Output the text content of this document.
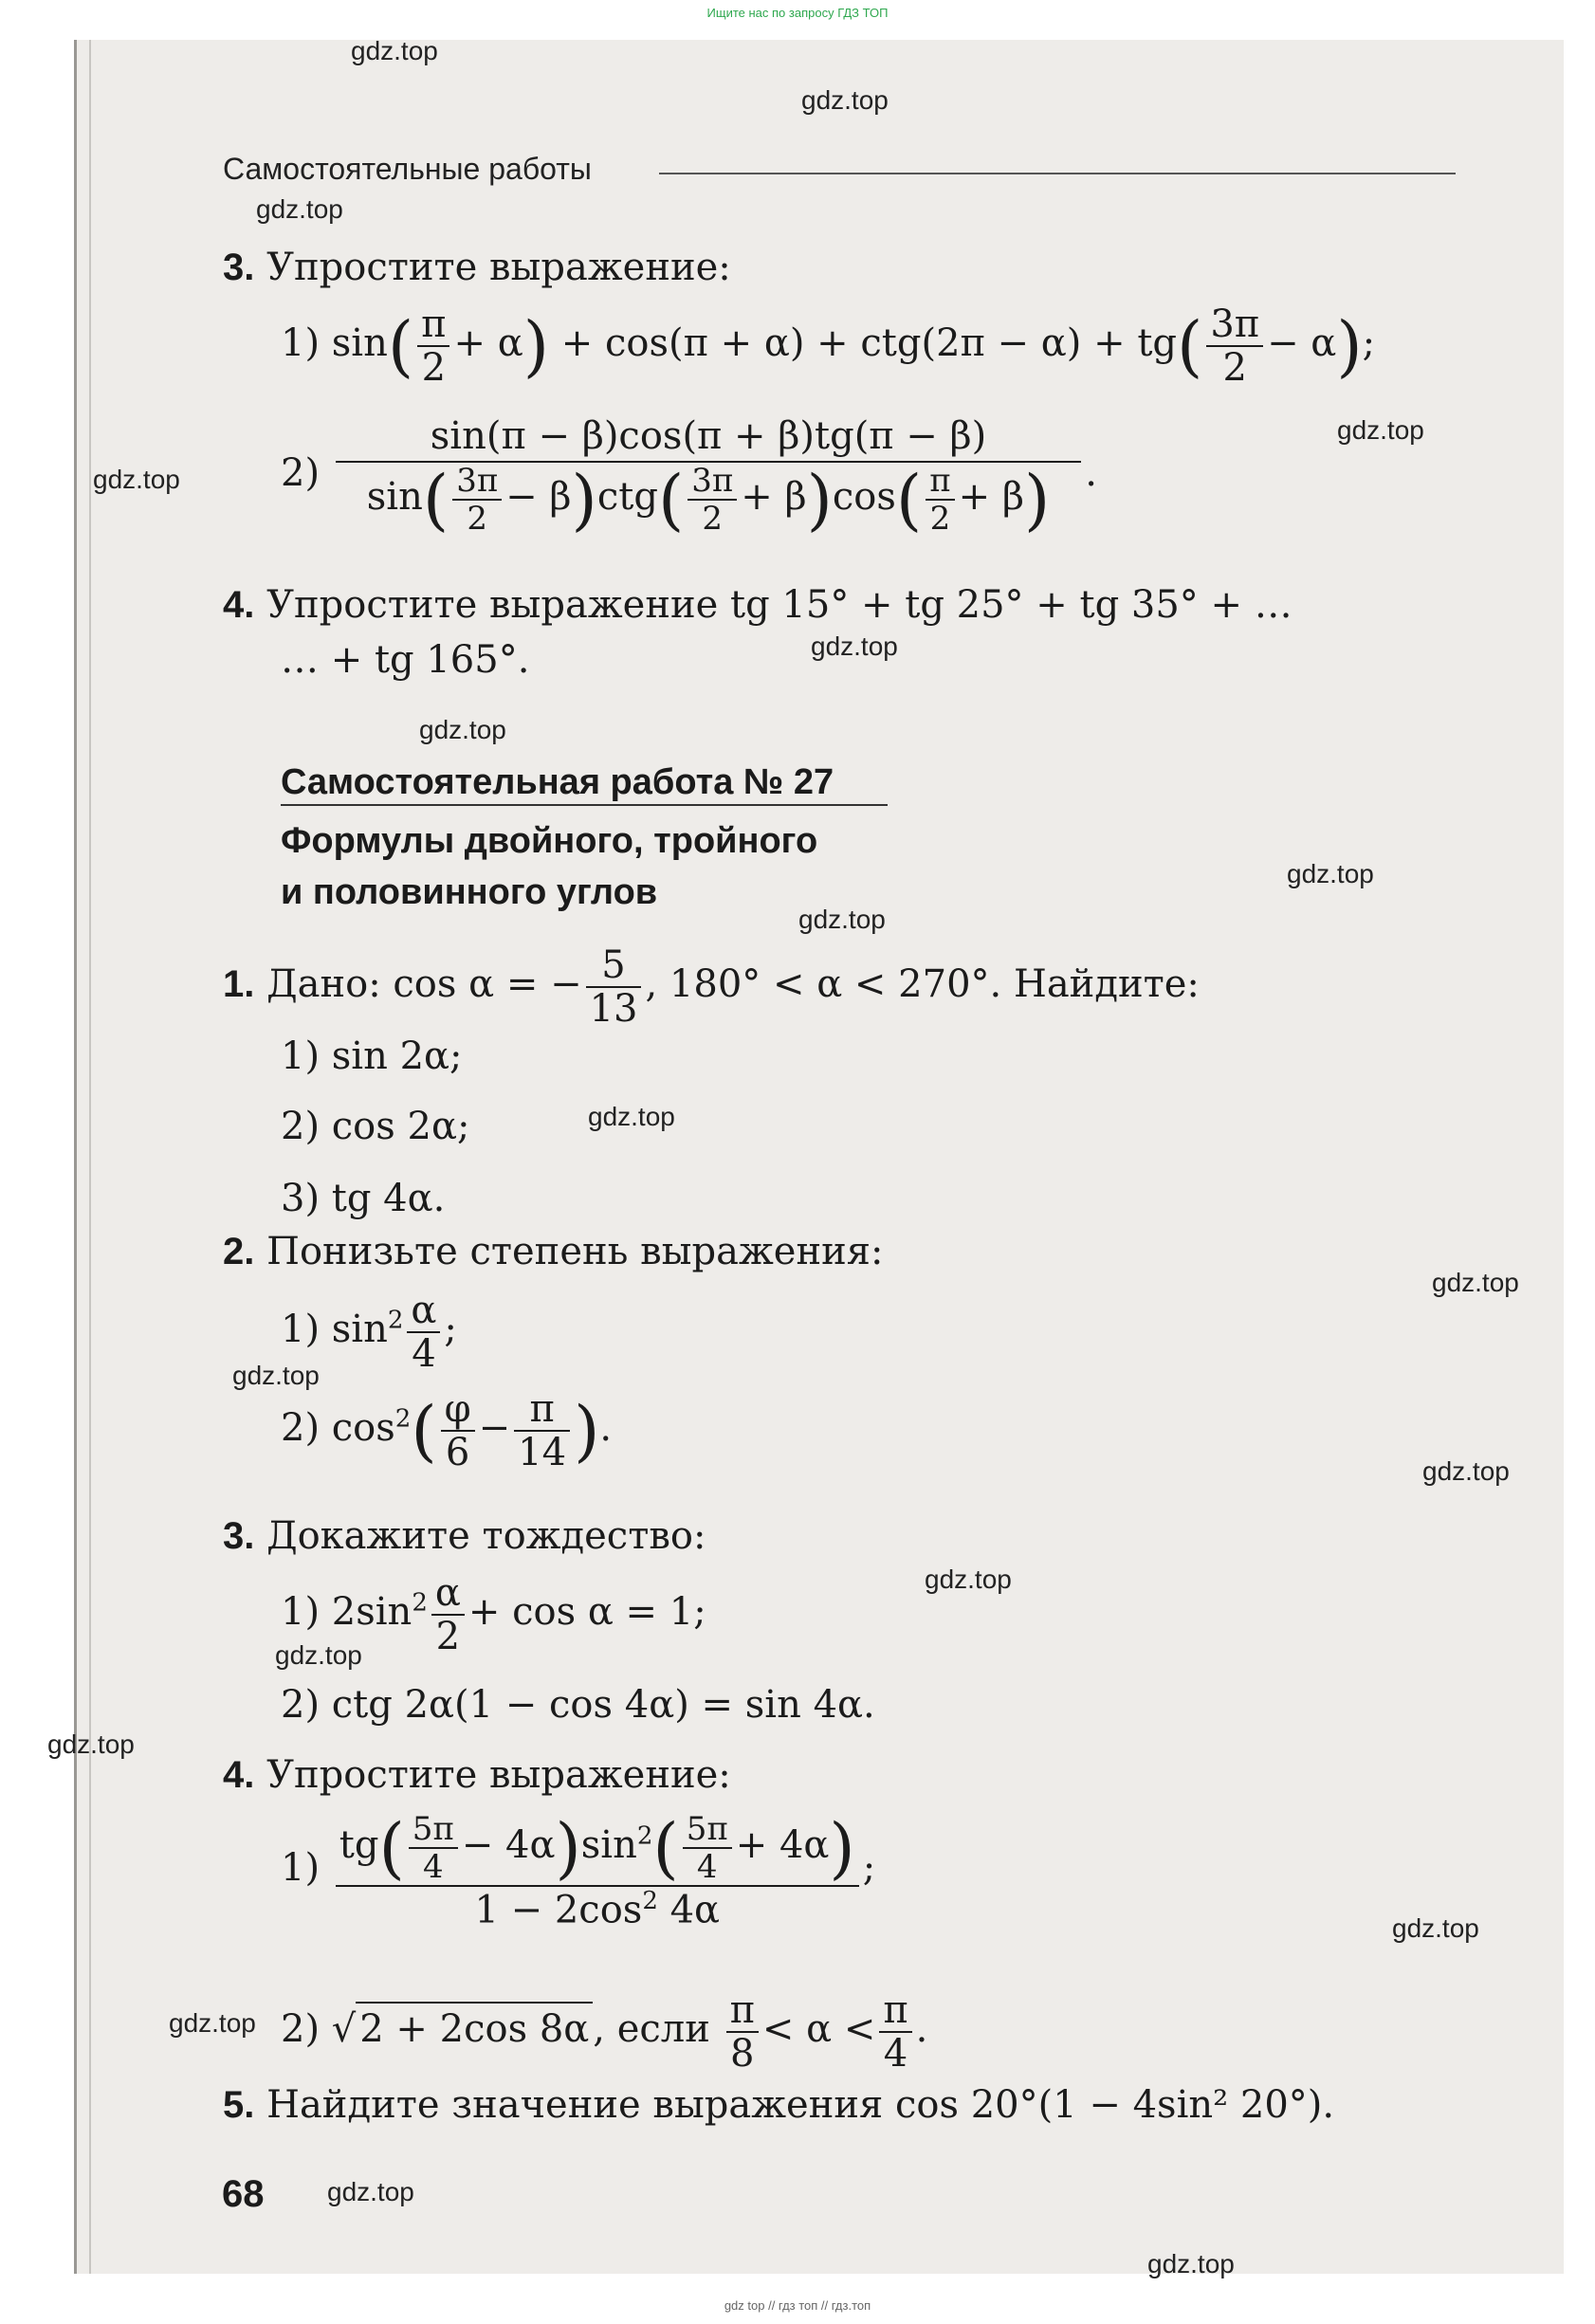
Ищите нас по запросу ГДЗ ТОП
gdz.top
gdz.top
gdz.top
gdz.top
gdz.top
gdz.top
gdz.top
gdz.top
gdz.top
gdz.top
gdz.top
gdz.top
gdz.top
gdz.top
gdz.top
gdz.top
gdz.top
gdz.top
gdz.top
gdz.top
Самостоятельные работы
3. Упростите выражение:
1) $\sin( \frac{\pi}{2} + \alpha) + \cos(\pi + \alpha) + ctg(2\pi - \alpha) + tg( \frac{3\pi}{2} - \alpha)$;
$2) \frac{\sin(\pi - \beta)\cos(\pi + \beta)tg(\pi - \beta)}{\sin( \frac{3\pi}{2} - \beta)ctg( \frac{3\pi}{2} + \beta)\cos( \frac{\pi}{2} + \beta)}$ .
4. Упростите выражение tg 15° + tg 25° + tg 35° + …
… + tg 165°.
Самостоятельная работа № 27
Формулы двойного, тройного
и половинного углов
1. Дано: cos α = − $\frac{5}{13}$ , 180° < α < 270°. Найдите:
1) sin 2α;
2) cos 2α;
3) tg 4α.
2. Понизьте степень выражения:
1) $\sin^2 \frac{\alpha}{4}$ ;
2) $\cos^2( \frac{\varphi}{6} - \frac{\pi}{14}$ ).
3. Докажите тождество:
1) $2\sin^2 \frac{\alpha}{2} + \cos \alpha = 1$;
2) ctg 2α(1 − cos 4α) = sin 4α.
4. Упростите выражение:
$1) \frac{tg( \frac{5\pi}{4} - 4\alpha)\sin^2( \frac{5\pi}{4} + 4\alpha)}{1 - 2\cos^2 4\alpha}$ ;
2) √ 2 + 2cos 8α , если $\frac{\pi}{8} < \alpha < \frac{\pi}{4}$ .
5. Найдите значение выражения cos 20°(1 − 4sin² 20°).
68
gdz top // гдз топ // гдз.топ
